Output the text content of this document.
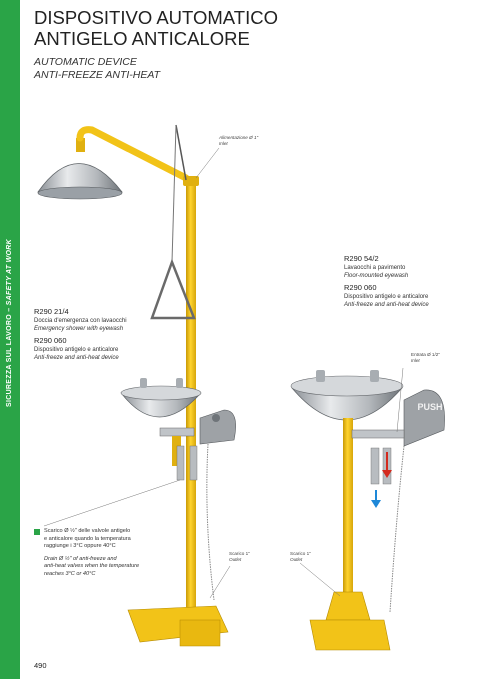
SICUREZZA SUL LAVORO – SAFETY AT WORK
DISPOSITIVO AUTOMATICO
ANTIGELO ANTICALORE
AUTOMATIC DEVICE
ANTI-FREEZE ANTI-HEAT
PUSH
R290 21/4
Doccia d'emergenza con lavaocchi
Emergency shower with eyewash
R290 060
Dispositivo antigelo e anticalore
Anti-freeze and anti-heat device
R290 54/2
Lavaocchi a pavimento
Floor-mounted eyewash
R290 060
Dispositivo antigelo e anticalore
Anti-freeze and anti-heat device
Alimentazione Ø 1"
Inlet
Entrata Ø 1/2"
Inlet
Scarico 1"
Outlet
Scarico 1"
Outlet
Scarico Ø ½" delle valvole antigelo
e anticalore quando la temperatura
raggiunge i 3°C oppure 40°C
Drain Ø ½" of anti-freeze and
anti-heat valves when the temperature
reaches 3°C or 40°C
490
